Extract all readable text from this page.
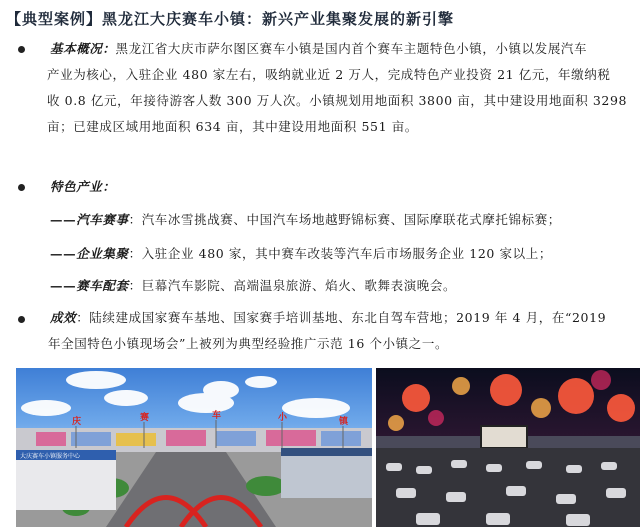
【典型案例】黑龙江大庆赛车小镇：新兴产业集聚发展的新引擎
基本概况：黑龙江省大庆市萨尔图区赛车小镇是国内首个赛车主题特色小镇，小镇以发展汽车
产业为核心，入驻企业 480 家左右，吸纳就业近 2 万人，完成特色产业投资 21 亿元，年缴纳税
收 0.8 亿元，年接待游客人数 300 万人次。小镇规划用地面积 3800 亩，其中建设用地面积 3298
亩；已建成区域用地面积 634 亩，其中建设用地面积 551 亩。
特色产业：
——汽车赛事：汽车冰雪挑战赛、中国汽车场地越野锦标赛、国际摩联花式摩托锦标赛；
——企业集聚：入驻企业 480 家，其中赛车改装等汽车后市场服务企业 120 家以上；
——赛车配套：巨幕汽车影院、高端温泉旅游、焰火、歌舞表演晚会。
成效：陆续建成国家赛车基地、国家赛手培训基地、东北自驾车营地；2019 年 4 月，在“2019
年全国特色小镇现场会”上被列为典型经验推广示范 16 个小镇之一。
大庆赛车小镇服务中心
庆	赛	车	小	镇
